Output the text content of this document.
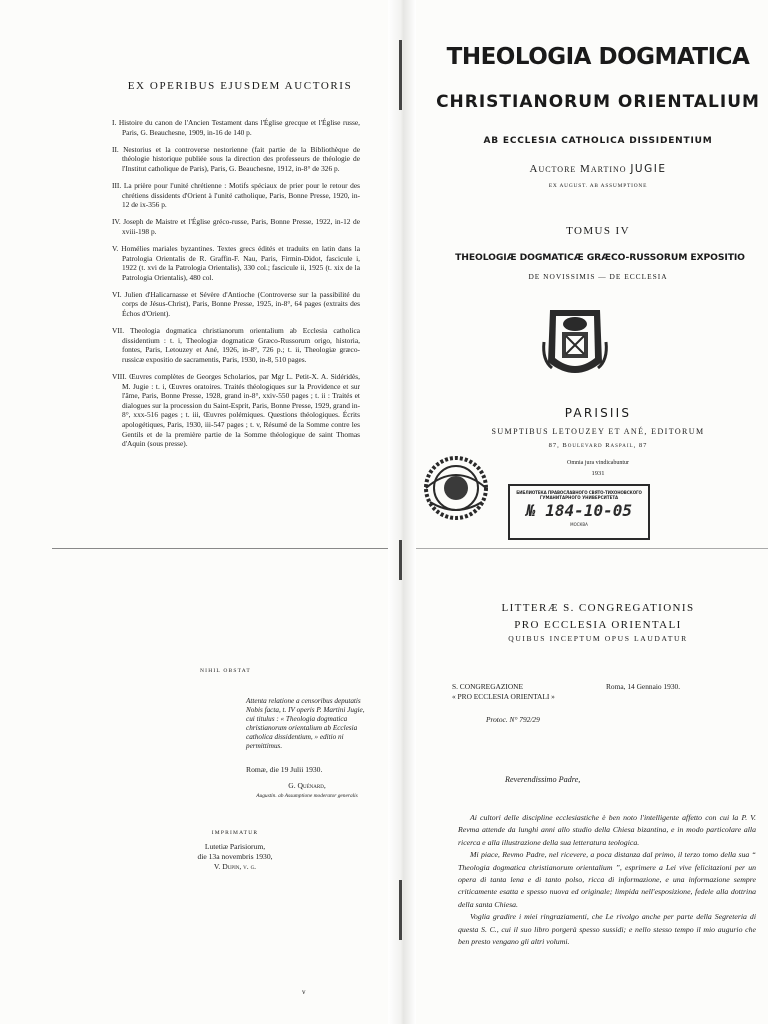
EX OPERIBUS EJUSDEM AUCTORIS
I. Histoire du canon de l'Ancien Testament dans l'Église grecque et l'Église russe, Paris, G. Beauchesne, 1909, in-16 de 140 p.
II. Nestorius et la controverse nestorienne (fait partie de la Bibliothèque de théologie historique publiée sous la direction des professeurs de théologie de l'Institut catholique de Paris), Paris, G. Beauchesne, 1912, in-8° de 326 p.
III. La prière pour l'unité chrétienne : Motifs spéciaux de prier pour le retour des chrétiens dissidents d'Orient à l'unité catholique, Paris, Bonne Presse, 1920, in-12 de ix-356 p.
IV. Joseph de Maistre et l'Église gréco-russe, Paris, Bonne Presse, 1922, in-12 de xviii-198 p.
V. Homélies mariales byzantines. Textes grecs édités et traduits en latin dans la Patrologia Orientalis de R. Graffin-F. Nau, Paris, Firmin-Didot, fascicule i, 1922 (t. xvi de la Patrologia Orientalis), 330 col.; fascicule ii, 1925 (t. xix de la Patrologia Orientalis), 480 col.
VI. Julien d'Halicarnasse et Sévère d'Antioche (Controverse sur la passibilité du corps de Jésus-Christ), Paris, Bonne Presse, 1925, in-8°, 64 pages (extraits des Échos d'Orient).
VII. Theologia dogmatica christianorum orientalium ab Ecclesia catholica dissidentium : t. i, Theologiæ dogmaticæ Græco-Russorum origo, historia, fontes, Paris, Letouzey et Ané, 1926, in-8°, 726 p.; t. ii, Theologiæ græco-russicæ expositio de sacramentis, Paris, 1930, in-8, 510 pages.
VIII. Œuvres complètes de Georges Scholarios, par Mgr L. Petit-X. A. Sidéridès, M. Jugie : t. i, Œuvres oratoires. Traités théologiques sur la Providence et sur l'âme, Paris, Bonne Presse, 1928, grand in-8°, xxiv-550 pages ; t. ii : Traités et dialogues sur la procession du Saint-Esprit, Paris, Bonne Presse, 1929, grand in-8°, xxx-516 pages ; t. iii, Œuvres polémiques. Questions théologiques. Écrits apologétiques, Paris, 1930, iii-547 pages ; t. v, Résumé de la Somme contre les Gentils et de la première partie de la Somme théologique de saint Thomas d'Aquin (sous presse).
NIHIL OBSTAT
Attenta relatione a censoribus deputatis Nobis facta, t. IV operis P. Martini Jugie, cui titulus : « Theologia dogmatica christianorum orientalium ab Ecclesia catholica dissidentium, » editio ni permittimus.
Romæ, die 19 Julii 1930.
G. Quénard,
Augustin. ab Assumptione moderator generalis
IMPRIMATUR
Lutetiæ Parisiorum,
die 13a novembris 1930,
V. Dupin, v. g.
v
THEOLOGIA DOGMATICA
CHRISTIANORUM ORIENTALIUM
AB ECCLESIA CATHOLICA DISSIDENTIUM
Auctore Martino JUGIE
EX AUGUST. AB ASSUMPTIONE
TOMUS IV
THEOLOGIÆ DOGMATICÆ GRÆCO-RUSSORUM EXPOSITIO
DE NOVISSIMIS — DE ECCLESIA
PARISIIS
SUMPTIBUS LETOUZEY ET ANÉ, EDITORUM
87, Boulevard Raspail, 87
Omnia jura vindicabuntur
1931
БИБЛИОТЕКА ПРАВОСЛАВНОГО СВЯТО-ТИХОНОВСКОГО
ГУМАНИТАРНОГО УНИВЕРСИТЕТА
№ 184-10-05
МОСКВА
LITTERÆ S. CONGREGATIONIS
PRO ECCLESIA ORIENTALI
QUIBUS INCEPTUM OPUS LAUDATUR
S. CONGREGAZIONE
« PRO ECCLESIA ORIENTALI »
Roma, 14 Gennaio 1930.
Protoc. N° 792/29
Reverendissimo Padre,

Ai cultori delle discipline ecclesiastiche è ben noto l'intelligente affetto con cui la P. V. Revma attende da lunghi anni allo studio della Chiesa bizantina, e in modo particolare alla ricerca e alla illustrazione della sua letteratura teologica.

Mi piace, Revmo Padre, nel ricevere, a poca distanza dal primo, il terzo tomo della sua “ Theologia dogmatica christianorum orientalium ”, esprimere a Lei vive felicitazioni per un opera di tanta lena e di tanto polso, ricca di informazione, e una informazione sempre criticamente esatta e spesso nuova ed originale; limpida nell'esposizione, fedele alla dottrina della santa Chiesa.

Voglia gradire i miei ringraziamenti, che Le rivolgo anche per parte della Segreteria di questa S. C., cui il suo libro porgerà spesso sussidi; e nello stesso tempo il mio augurio che ben presto vengano gli altri volumi.
